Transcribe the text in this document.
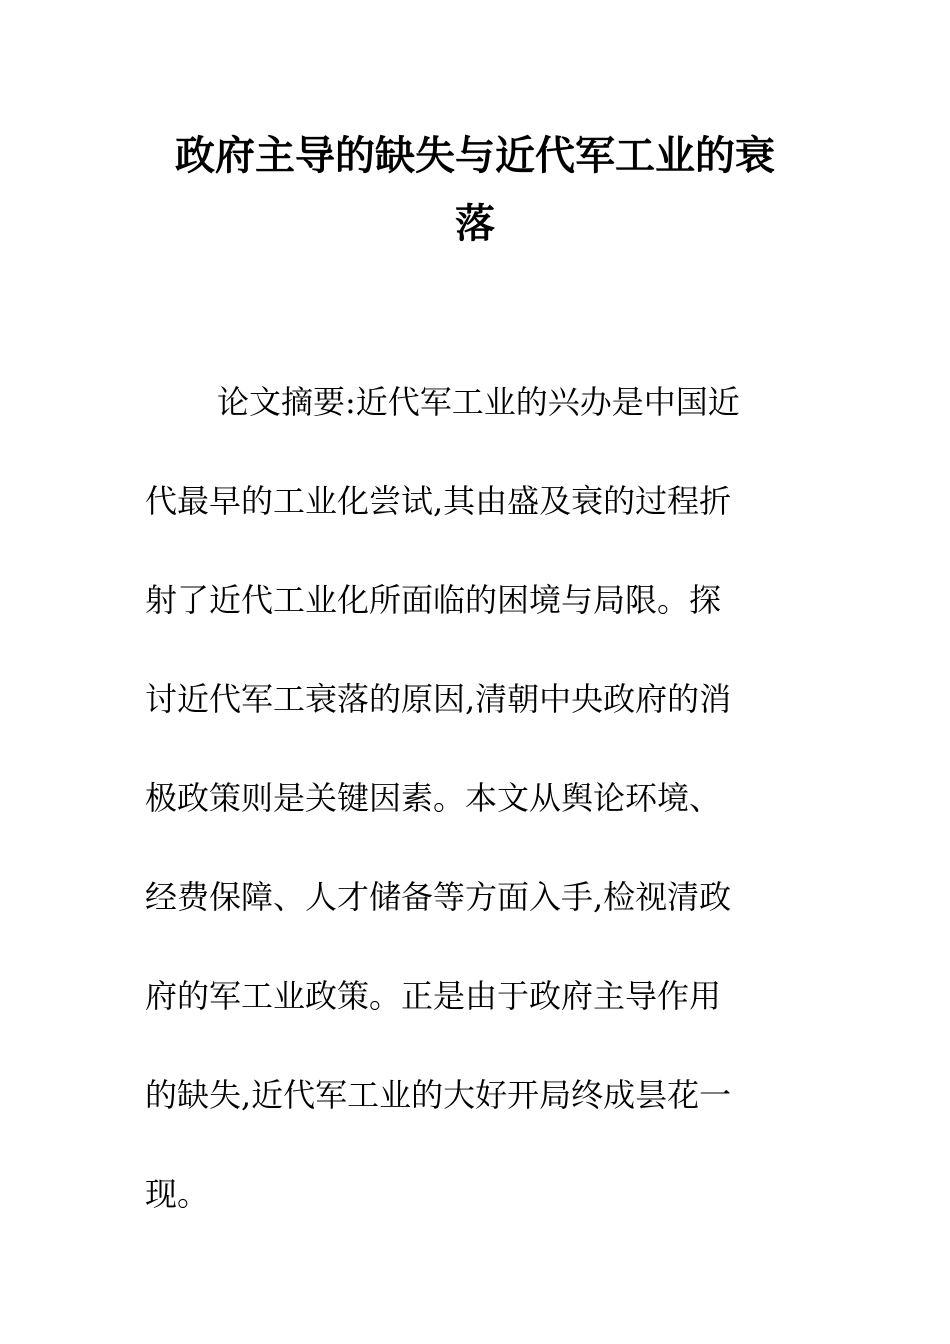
政府主导的缺失与近代军工业的衰
落
论文摘要:近代军工业的兴办是中国近
代最早的工业化尝试,其由盛及衰的过程折
射了近代工业化所面临的困境与局限。探
讨近代军工衰落的原因,清朝中央政府的消
极政策则是关键因素。本文从舆论环境、
经费保障、人才储备等方面入手,检视清政
府的军工业政策。正是由于政府主导作用
的缺失,近代军工业的大好开局终成昙花一
现。
